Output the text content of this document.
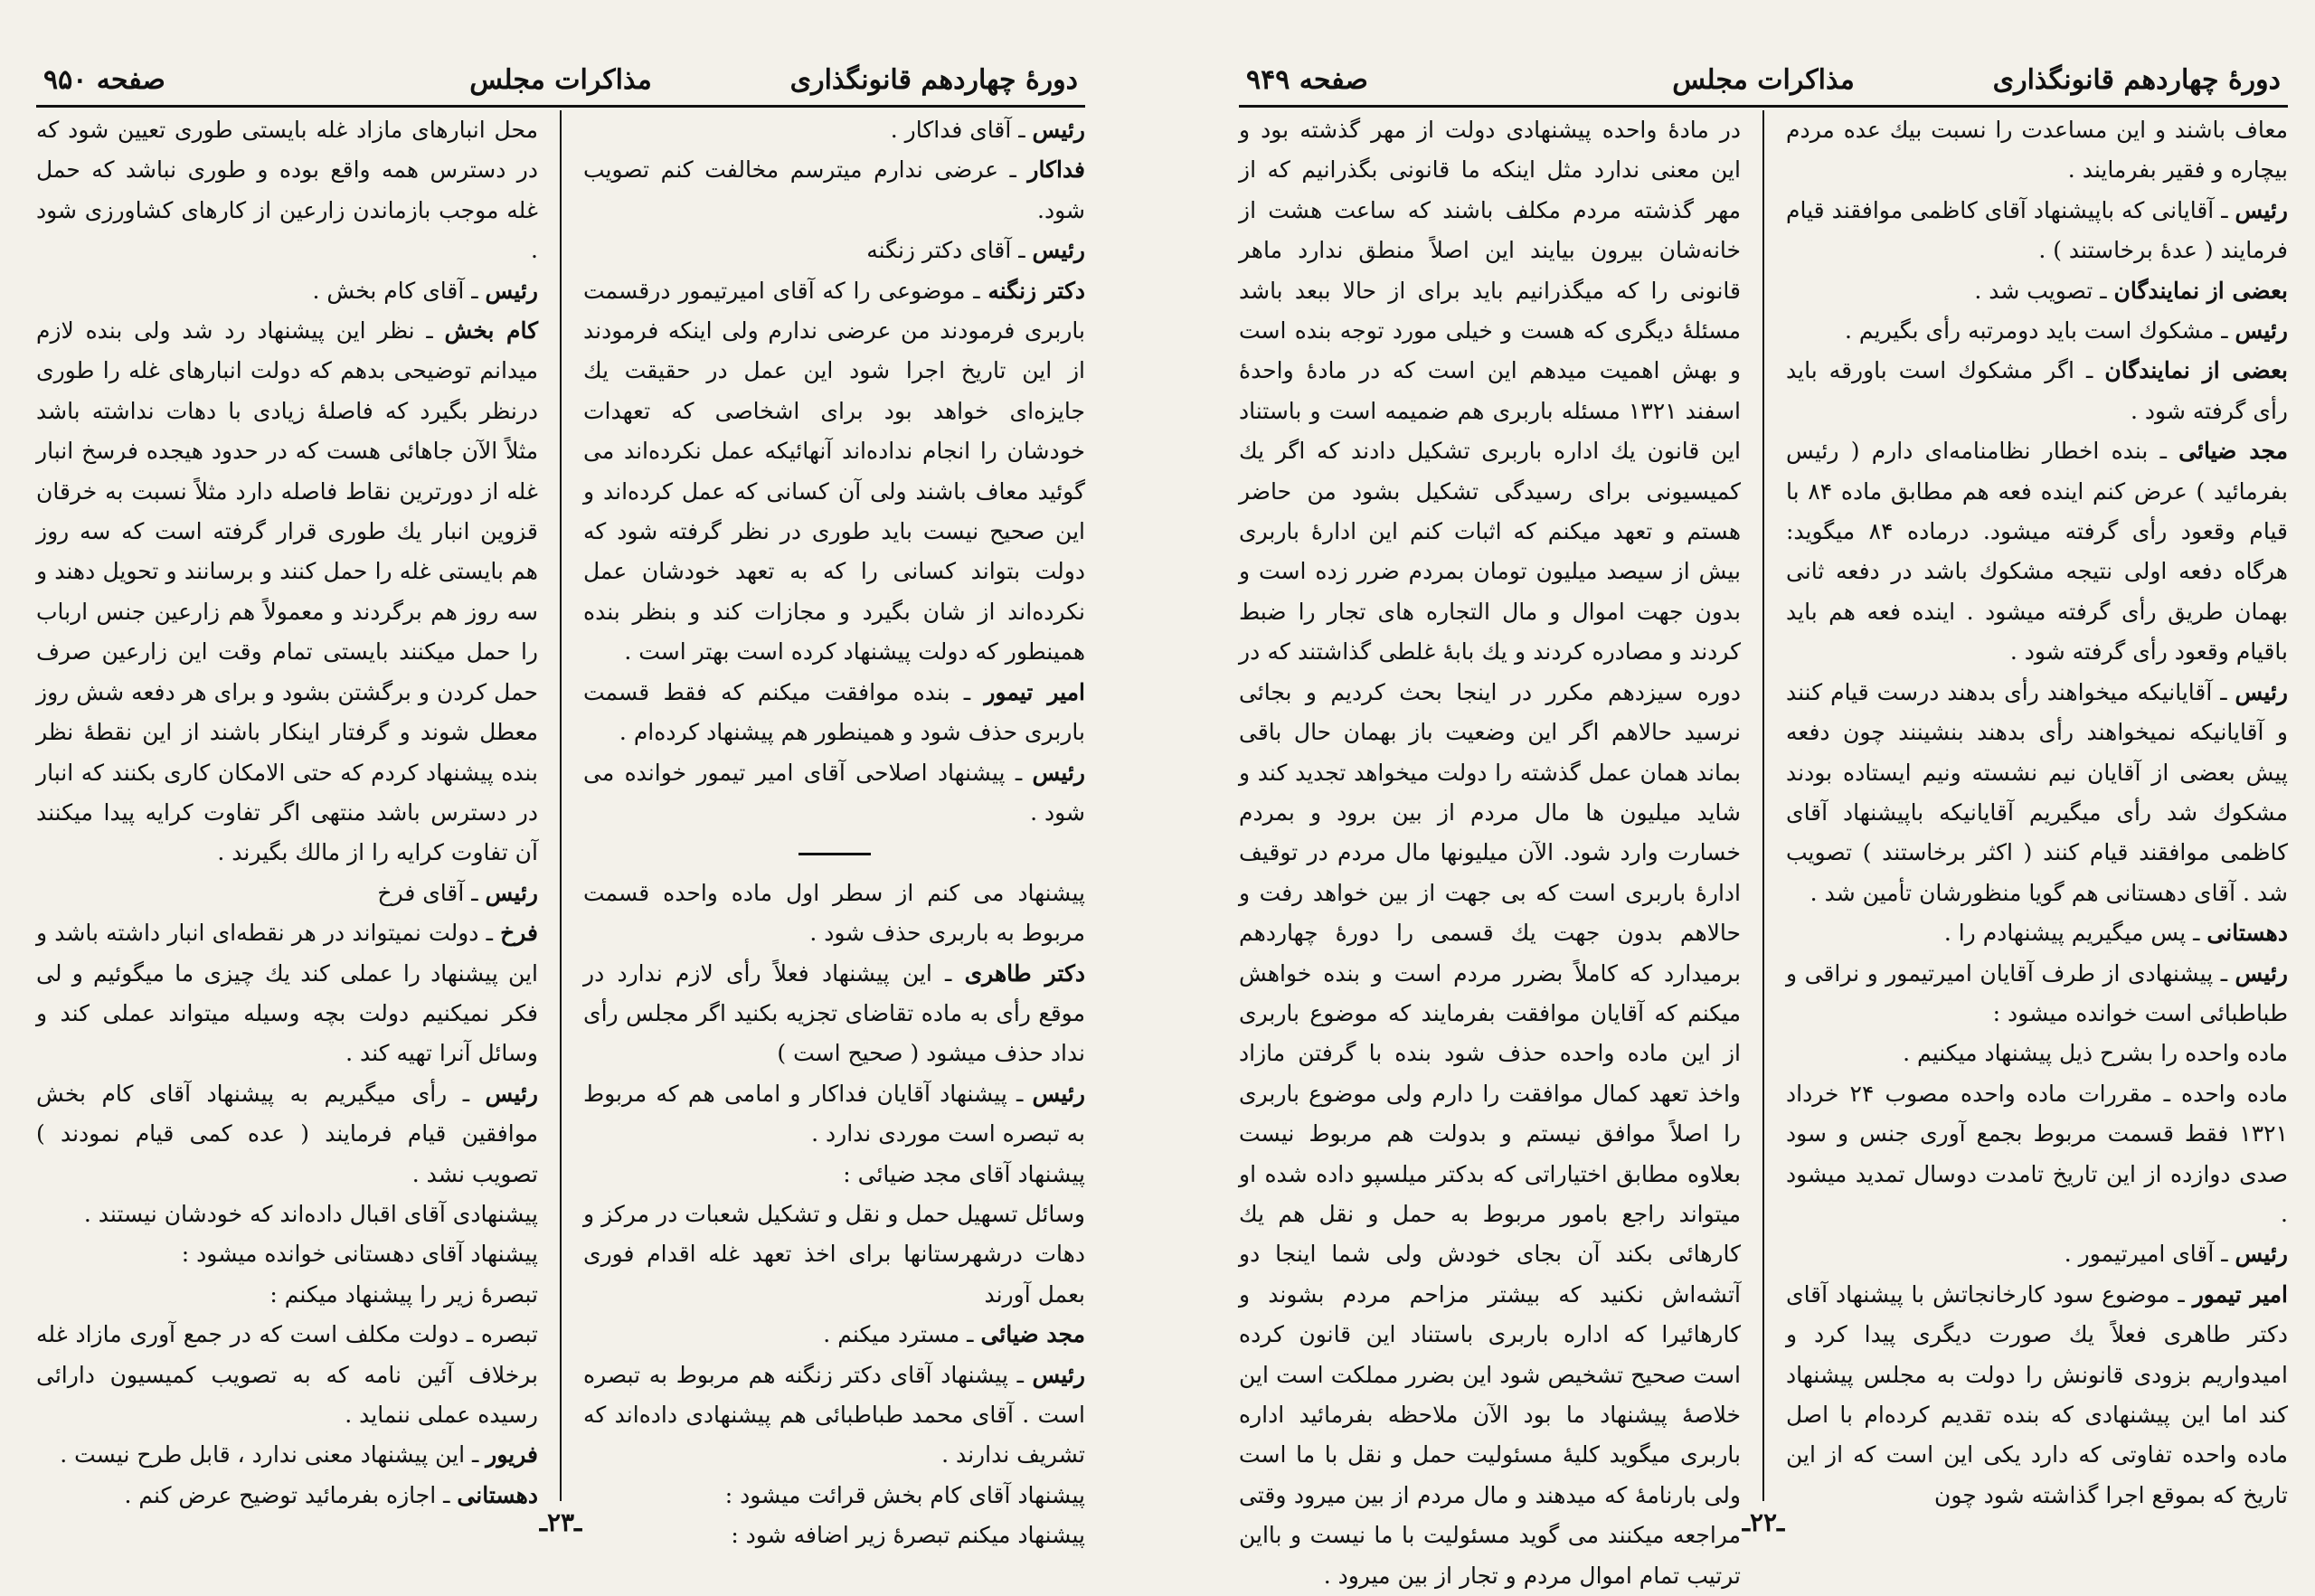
دورهٔ چهاردهم قانونگذاری
مذاکرات مجلس
صفحه ۹۵۰

رئیس ـ آقای فداکار .

فداکار ـ عرضی ندارم میترسم مخالفت کنم تصویب شود.

رئیس ـ آقای دکتر زنگنه

دکتر زنگنه ـ موضوعی را که آقای امیرتیمور درقسمت باربری فرمودند من عرضی ندارم ولی اینکه فرمودند از این تاریخ اجرا شود این عمل در حقیقت یك جایزه‌ای خواهد بود برای اشخاصی که تعهدات خودشان را انجام نداده‌اند آنهائیکه عمل نکرده‌اند می گوئید معاف باشند ولی آن کسانی که عمل کرده‌اند و این صحیح نیست باید طوری در نظر گرفته شود که دولت بتواند کسانی را که به تعهد خودشان عمل نکرده‌اند از شان بگیرد و مجازات کند و بنظر بنده همینطور که دولت پیشنهاد کرده است بهتر است .

امیر تیمور ـ بنده موافقت میکنم که فقط قسمت باربری حذف شود و همینطور هم پیشنهاد کرده‌ام .

رئیس ـ پیشنهاد اصلاحی آقای امیر تیمور خوانده می شود .

پیشنهاد می کنم از سطر اول ماده واحده قسمت مربوط به باربری حذف شود .

دکتر طاهری ـ این پیشنهاد فعلاً رأی لازم ندارد در موقع رأی به ماده تقاضای تجزیه بکنید اگر مجلس رأی نداد حذف میشود ( صحیح است )

رئیس ـ پیشنهاد آقایان فداکار و امامی هم که مربوط به تبصره است موردی ندارد .

پیشنهاد آقای مجد ضیائی :

وسائل تسهیل حمل و نقل و تشکیل شعبات در مرکز و دهات درشهرستانها برای اخذ تعهد غله اقدام فوری بعمل آورند

مجد ضیائی ـ مسترد میکنم .

رئیس ـ پیشنهاد آقای دکتر زنگنه هم مربوط به تبصره است . آقای محمد طباطبائی هم پیشنهادی داده‌اند که تشریف ندارند .

پیشنهاد آقای کام بخش قرائت میشود :

پیشنهاد میکنم تبصرهٔ زیر اضافه شود :

محل انبارهای مازاد غله بایستی طوری تعیین شود که در دسترس همه واقع بوده و طوری نباشد که حمل غله موجب بازماندن زارعین از کارهای کشاورزی شود .

رئیس ـ آقای کام بخش .

کام بخش ـ نظر این پیشنهاد رد شد ولی بنده لازم میدانم توضیحی بدهم که دولت انبارهای غله را طوری درنظر بگیرد که فاصلهٔ زیادی با دهات نداشته باشد مثلاً الآن جاهائی هست که در حدود هیجده فرسخ انبار غله از دورترین نقاط فاصله دارد مثلاً نسبت به خرقان قزوین انبار یك طوری قرار گرفته است که سه روز هم بایستی غله را حمل کنند و برسانند و تحویل دهند و سه روز هم برگردند و معمولاً هم زارعین جنس ارباب را حمل میکنند بایستی تمام وقت این زارعین صرف حمل کردن و برگشتن بشود و برای هر دفعه شش روز معطل شوند و گرفتار اینکار باشند از این نقطهٔ نظر بنده پیشنهاد کردم که حتی الامکان کاری بکنند که انبار در دسترس باشد منتهی اگر تفاوت کرایه پیدا میکنند آن تفاوت کرایه را از مالك بگیرند .

رئیس ـ آقای فرخ

فرخ ـ دولت نمیتواند در هر نقطه‌ای انبار داشته باشد و این پیشنهاد را عملی کند یك چیزی ما میگوئیم و لی فکر نمیکنیم دولت بچه وسیله میتواند عملی کند و وسائل آنرا تهیه کند .

رئیس ـ رأی میگیریم به پیشنهاد آقای کام بخش موافقین قیام فرمایند ( عده کمی قیام نمودند ) تصویب نشد .

پیشنهادی آقای اقبال داده‌اند که خودشان نیستند .

پیشنهاد آقای دهستانی خوانده میشود :

تبصرهٔ زیر را پیشنهاد میکنم :

تبصره ـ دولت مکلف است که در جمع آوری مازاد غله برخلاف آئین نامه که به تصویب کمیسیون دارائی رسیده عملی ننماید .

فریور ـ این پیشنهاد معنی ندارد ، قابل طرح نیست .

دهستانی ـ اجازه بفرمائید توضیح عرض کنم .

ـ۲۳ـ
دورهٔ چهاردهم قانونگذاری
مذاکرات مجلس
صفحه ۹۴۹

معاف باشند و این مساعدت را نسبت بیك عده مردم بیچاره و فقیر بفرمایند .

رئیس ـ آقایانی که باپیشنهاد آقای کاظمی موافقند قیام فرمایند ( عدهٔ برخاستند ) .

بعضی از نمایندگان ـ تصویب شد .

رئیس ـ مشکوك است باید دومرتبه رأی بگیریم .

بعضی از نمایندگان ـ اگر مشکوك است باورقه باید رأی گرفته شود .

مجد ضیائی ـ بنده اخطار نظامنامه‌ای دارم ( رئیس بفرمائید ) عرض کنم اینده فعه هم مطابق ماده ۸۴ با قیام وقعود رأی گرفته میشود. درماده ۸۴ میگوید: هرگاه دفعه اولی نتیجه مشکوك باشد در دفعه ثانی بهمان طریق رأی گرفته میشود . اینده فعه هم باید باقیام وقعود رأی گرفته شود .

رئیس ـ آقایانیکه میخواهند رأی بدهند درست قیام کنند و آقایانیکه نمیخواهند رأی بدهند بنشینند چون دفعه پیش بعضی از آقایان نیم نشسته ونیم ایستاده بودند مشکوك شد رأی میگیریم آقایانیکه باپیشنهاد آقای کاظمی موافقند قیام کنند ( اکثر برخاستند ) تصویب شد . آقای دهستانی هم گویا منظورشان تأمین شد .

دهستانی ـ پس میگیریم پیشنهادم را .

رئیس ـ پیشنهادی از طرف آقایان امیرتیمور و نراقی و طباطبائی است خوانده میشود :

ماده واحده را بشرح ذیل پیشنهاد میکنیم .

ماده واحده ـ مقررات ماده واحده مصوب ۲۴ خرداد ۱۳۲۱ فقط قسمت مربوط بجمع آوری جنس و سود صدی دوازده از این تاریخ تامدت دوسال تمدید میشود .

رئیس ـ آقای امیرتیمور .

امیر تیمور ـ موضوع سود کارخانجاتش با پیشنهاد آقای دکتر طاهری فعلاً یك صورت دیگری پیدا کرد و امیدواریم بزودی قانونش را دولت به مجلس پیشنهاد کند اما این پیشنهادی که بنده تقدیم کرده‌ام با اصل ماده واحده تفاوتی که دارد یکی این است که از این تاریخ که بموقع اجرا گذاشته شود چون

در مادهٔ واحده پیشنهادی دولت از مهر گذشته بود و این معنی ندارد مثل اینکه ما قانونی بگذرانیم که از مهر گذشته مردم مکلف باشند که ساعت هشت از خانه‌شان بیرون بیایند این اصلاً منطق ندارد ماهر قانونی را که میگذرانیم باید برای از حالا ببعد باشد مسئلهٔ دیگری که هست و خیلی مورد توجه بنده است و بهش اهمیت میدهم این است که در مادهٔ واحدهٔ اسفند ۱۳۲۱ مسئله باربری هم ضمیمه است و باستناد این قانون یك اداره باربری تشکیل دادند که اگر یك کمیسیونی برای رسیدگی تشکیل بشود من حاضر هستم و تعهد میکنم که اثبات کنم این ادارهٔ باربری بیش از سیصد میلیون تومان بمردم ضرر زده است و بدون جهت اموال و مال التجاره های تجار را ضبط کردند و مصادره کردند و یك بابهٔ غلطی گذاشتند که در دوره سیزدهم مکرر در اینجا بحث کردیم و بجائی نرسید حالاهم اگر این وضعیت باز بهمان حال باقی بماند همان عمل گذشته را دولت میخواهد تجدید کند و شاید میلیون ها مال مردم از بین برود و بمردم خسارت وارد شود. الآن میلیونها مال مردم در توقیف ادارهٔ باربری است که بی جهت از بین خواهد رفت و حالاهم بدون جهت یك قسمی را دورهٔ چهاردهم برمیدارد که کاملاً بضرر مردم است و بنده خواهش میکنم که آقایان موافقت بفرمایند که موضوع باربری از این ماده واحده حذف شود بنده با گرفتن مازاد واخذ تعهد کمال موافقت را دارم ولی موضوع باربری را اصلاً موافق نیستم و بدولت هم مربوط نیست بعلاوه مطابق اختیاراتی که بدکتر میلسپو داده شده او میتواند راجع بامور مربوط به حمل و نقل هم یك کارهائی بکند آن بجای خودش ولی شما اینجا دو آتشه‌اش نکنید که بیشتر مزاحم مردم بشوند و کارهائیرا که اداره باربری باستناد این قانون کرده است صحیح تشخیص شود این بضرر مملکت است این خلاصهٔ پیشنهاد ما بود الآن ملاحظه بفرمائید اداره باربری میگوید کلیهٔ مسئولیت حمل و نقل با ما است ولی بارنامهٔ که میدهند و مال مردم از بین میرود وقتی مراجعه میکنند می گوید مسئولیت با ما نیست و بااین ترتیب تمام اموال مردم و تجار از بین میرود .

ـ۲۲ـ
